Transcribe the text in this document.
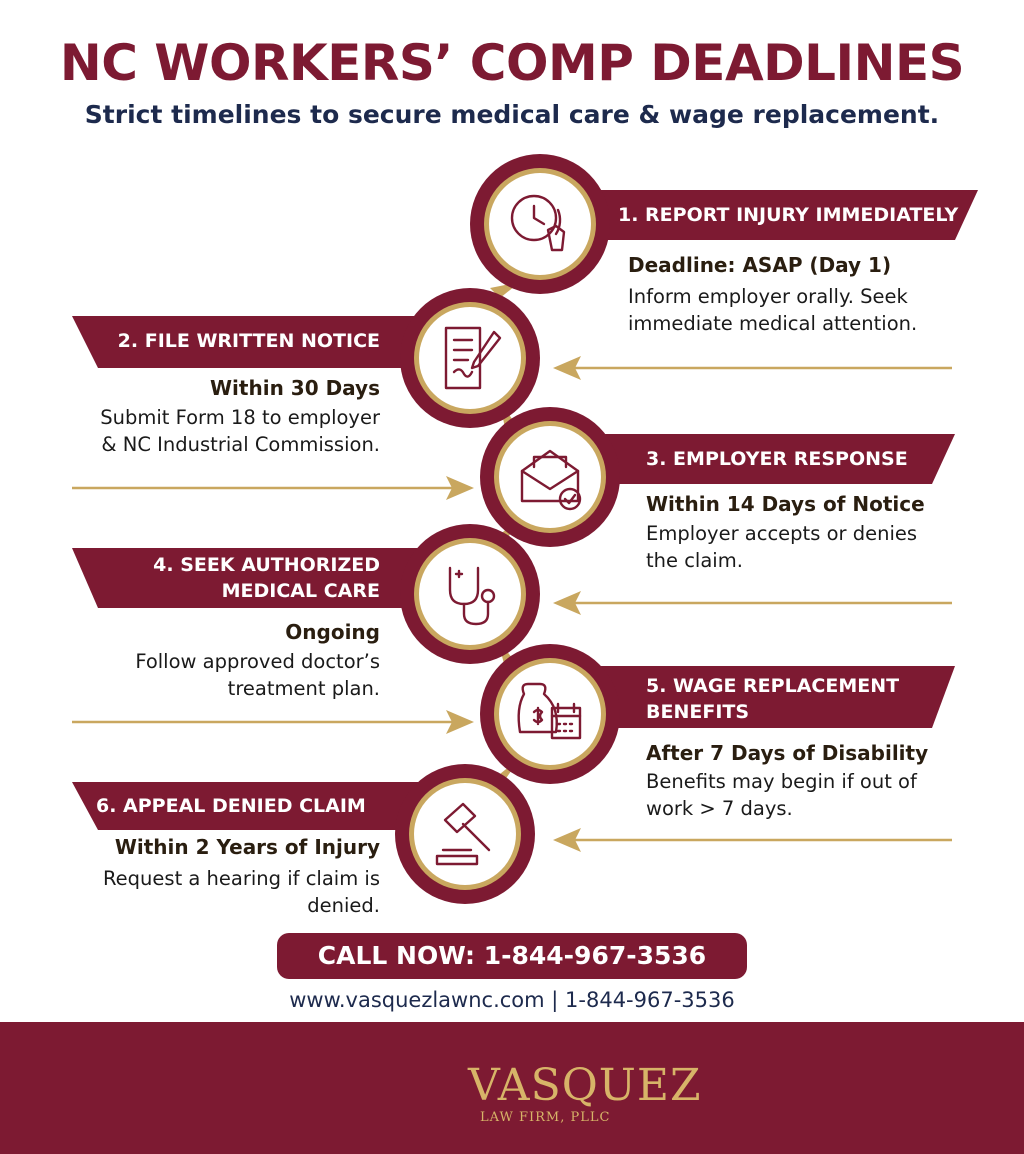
NC WORKERS’ COMP DEADLINES
Strict timelines to secure medical care & wage replacement.
1. REPORT INJURY IMMEDIATELY
Deadline: ASAP (Day 1)
Inform employer orally. Seek
immediate medical attention.
2. FILE WRITTEN NOTICE
Within 30 Days
Submit Form 18 to employer
& NC Industrial Commission.
3. EMPLOYER RESPONSE
Within 14 Days of Notice
Employer accepts or denies
the claim.
4. SEEK AUTHORIZED
MEDICAL CARE
Ongoing
Follow approved doctor’s
treatment plan.	5. WAGE REPLACEMENT
BENEFITS
After 7 Days of Disability
Benefits may begin if out of
work > 7 days.
6. APPEAL DENIED CLAIM
Within 2 Years of Injury
Request a hearing if claim is
denied.
CALL NOW: 1-844-967-3536
www.vasquezlawnc.com | 1-844-967-3536
VASQUEZ
LAW FIRM, PLLC
